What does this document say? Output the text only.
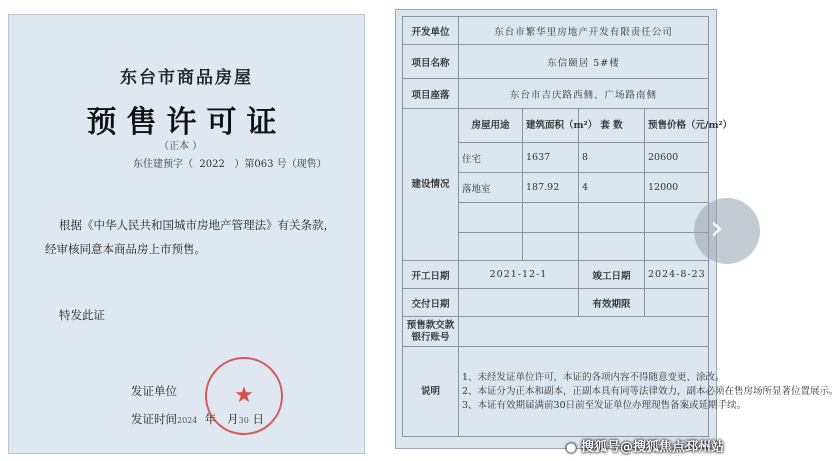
东台市商品房屋
预售许可证
（正本 ）
东住建预字（  2022   ）第063 号（现售）
根据《中华人民共和国城市房地产管理法》有关条款，经审核同意本商品房上市预售。
特发此证
发证单位
发证时间2024 年 月30 日
★
开发单位	东台市繁华里房地产开发有限责任公司			
项目名称	东信颐居 5#楼			
项目座落	东台市吉庆路西侧、广场路南侧			
建设情况	房屋用途	建筑面积（m²）	套 数	预售价格（元/m²）
	住宅	1637	8	20600
	落地室	187.92	4	12000

开工日期	2021-12-1		竣工日期	2024-8-23
交付日期			有效期限	
预售款交款银行账号				
说明	1、未经发证单位许可，本证的各项内容不得随意变更、涂改。
2、本证分为正本和副本，正副本具有同等法律效力，副本必须在售房场所显著位置展示。
3、本证有效期届满前30日前至发证单位办理现售备案或延期手续。			
›
● 搜狐号@搜狐焦点邳州站
